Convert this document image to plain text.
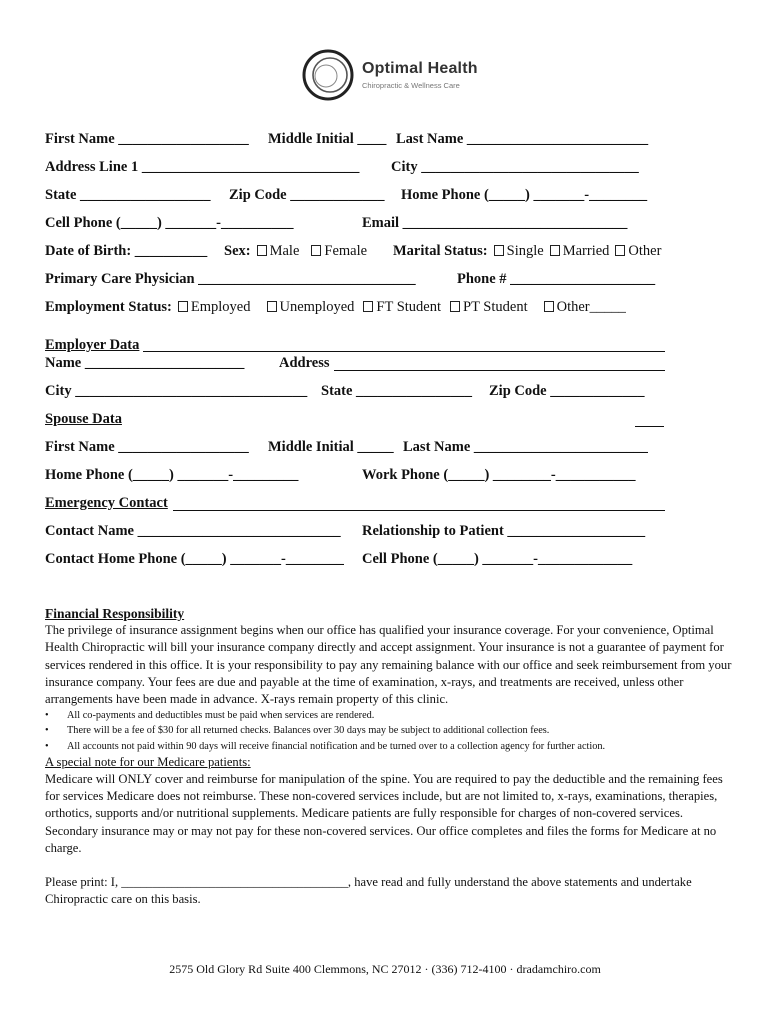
Optimal Health
Chiropractic & Wellness Care
First Name __________________ Middle Initial ____ Last Name _________________________
Address Line 1 ______________________________ City ______________________________
State __________________ Zip Code _____________ Home Phone (_____) _______-________
Cell Phone (_____) _______-__________	Email _______________________________
Date of Birth: __________ Sex: Male Female Marital Status: Single Married Other
Primary Care Physician ______________________________	Phone # ____________________
Employment Status: Employed Unemployed FT Student PT Student Other_____
Employer Data
Name ______________________ Address
City ________________________________ State ________________ Zip Code _____________
Spouse Data
First Name __________________ Middle Initial _____ Last Name ________________________
Home Phone (_____) _______-_________	Work Phone (_____) ________-___________
Emergency Contact
Contact Name ____________________________ Relationship to Patient ___________________
Contact Home Phone (_____) _______-________ Cell Phone (_____) _______-_____________

Financial Responsibility

The privilege of insurance assignment begins when our office has qualified your insurance coverage. For your convenience, Optimal Health Chiropractic will bill your insurance company directly and accept assignment. Your insurance is not a guarantee of payment for services rendered in this office. It is your responsibility to pay any remaining balance with our office and seek reimbursement from your insurance company. Your fees are due and payable at the time of examination, x-rays, and treatments are received, unless other arrangements have been made in advance. X-rays remain property of this clinic.

• All co-payments and deductibles must be paid when services are rendered.
• There will be a fee of $30 for all returned checks. Balances over 30 days may be subject to additional collection fees.
• All accounts not paid within 90 days will receive financial notification and be turned over to a collection agency for further action.

A special note for our Medicare patients:

Medicare will ONLY cover and reimburse for manipulation of the spine. You are required to pay the deductible and the remaining fees for services Medicare does not reimburse. These non-covered services include, but are not limited to, x-rays, examinations, therapies, orthotics, supports and/or nutritional supplements. Medicare patients are fully responsible for charges of non-covered services. Secondary insurance may or may not pay for these non-covered services. Our office completes and files the forms for Medicare at no charge.

Please print: I, ____________________________________, have read and fully understand the above statements and undertake Chiropractic care on this basis.

2575 Old Glory Rd Suite 400 Clemmons, NC 27012 · (336) 712-4100 · dradamchiro.com
